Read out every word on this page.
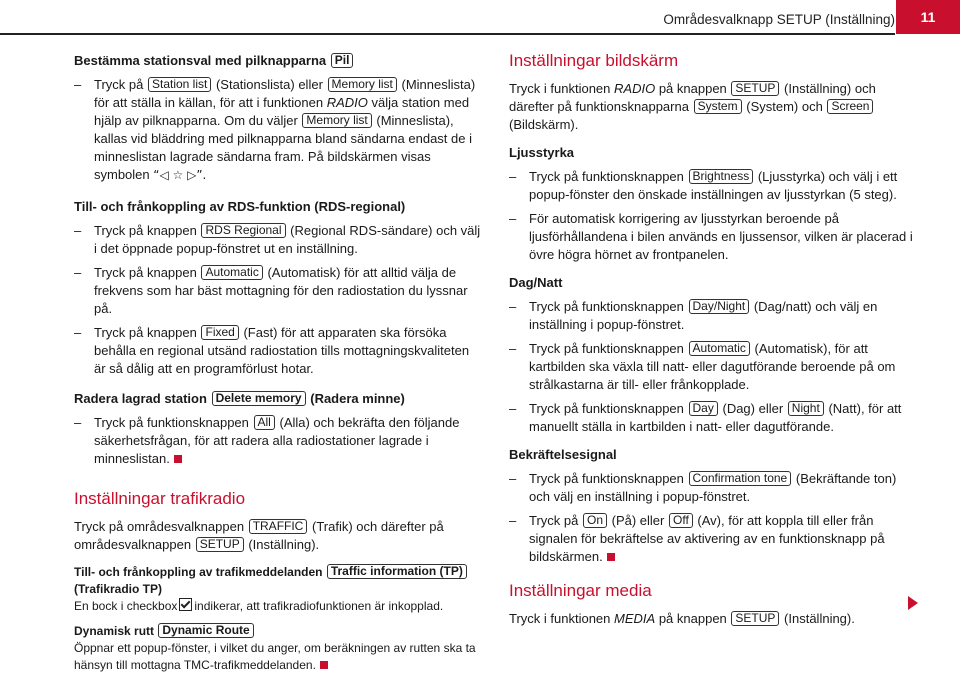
Områdesvalknapp SETUP (Inställning)	11
Bestämma stationsval med pilknapparna Pil
– Tryck på Station list (Stationslista) eller Memory list (Minneslista) för att ställa in källan, för att i funktionen RADIO välja station med hjälp av pilknapparna. Om du väljer Memory list (Minneslista), kallas vid bläddring med pilknapparna bland sändarna endast de i minneslistan lagrade sändarna fram. På bildskärmen visas symbolen “◁ ☆ ▷”.
Till- och frånkoppling av RDS-funktion (RDS-regional)
– Tryck på knappen RDS Regional (Regional RDS-sändare) och välj i det öppnade popup-fönstret ut en inställning.
– Tryck på knappen Automatic (Automatisk) för att alltid välja de frekvens som har bäst mottagning för den radiostation du lyssnar på.
– Tryck på knappen Fixed (Fast) för att apparaten ska försöka behålla en regional utsänd radiostation tills mottagningskvaliteten är så dålig att en programförlust hotar.
Radera lagrad station Delete memory (Radera minne)
– Tryck på funktionsknappen All (Alla) och bekräfta den följande säkerhetsfrågan, för att radera alla radiostationer lagrade i minneslistan.
Inställningar trafikradio

Tryck på områdesvalknappen TRAFFIC (Trafik) och därefter på områdesvalknappen SETUP (Inställning).

Till- och frånkoppling av trafikmeddelanden Traffic information (TP) (Trafikradio TP)

En bock i checkbox indikerar, att trafikradiofunktionen är inkopplad.

Dynamisk rutt Dynamic Route

Öppnar ett popup-fönster, i vilket du anger, om beräkningen av rutten ska ta hänsyn till mottagna TMC-trafikmeddelanden.

Inställningar bildskärm

Tryck i funktionen RADIO på knappen SETUP (Inställning) och därefter på funktionsknapparna System (System) och Screen (Bildskärm).

Ljusstyrka
– Tryck på funktionsknappen Brightness (Ljusstyrka) och välj i ett popup-fönster den önskade inställningen av ljusstyrkan (5 steg).
– För automatisk korrigering av ljusstyrkan beroende på ljusförhållandena i bilen används en ljussensor, vilken är placerad i övre högra hörnet av frontpanelen.
Dag/Natt
– Tryck på funktionsknappen Day/Night (Dag/natt) och välj en inställning i popup-fönstret.
– Tryck på funktionsknappen Automatic (Automatisk), för att kartbilden ska växla till natt- eller dagutförande beroende på om strålkastarna är till- eller frånkopplade.
– Tryck på funktionsknappen Day (Dag) eller Night (Natt), för att manuellt ställa in kartbilden i natt- eller dagutförande.
Bekräftelsesignal
– Tryck på funktionsknappen Confirmation tone (Bekräftande ton) och välj en inställning i popup-fönstret.
– Tryck på On (På) eller Off (Av), för att koppla till eller från signalen för bekräftelse av aktivering av en funktionsknapp på bildskärmen.
Inställningar media

Tryck i funktionen MEDIA på knappen SETUP (Inställning).
